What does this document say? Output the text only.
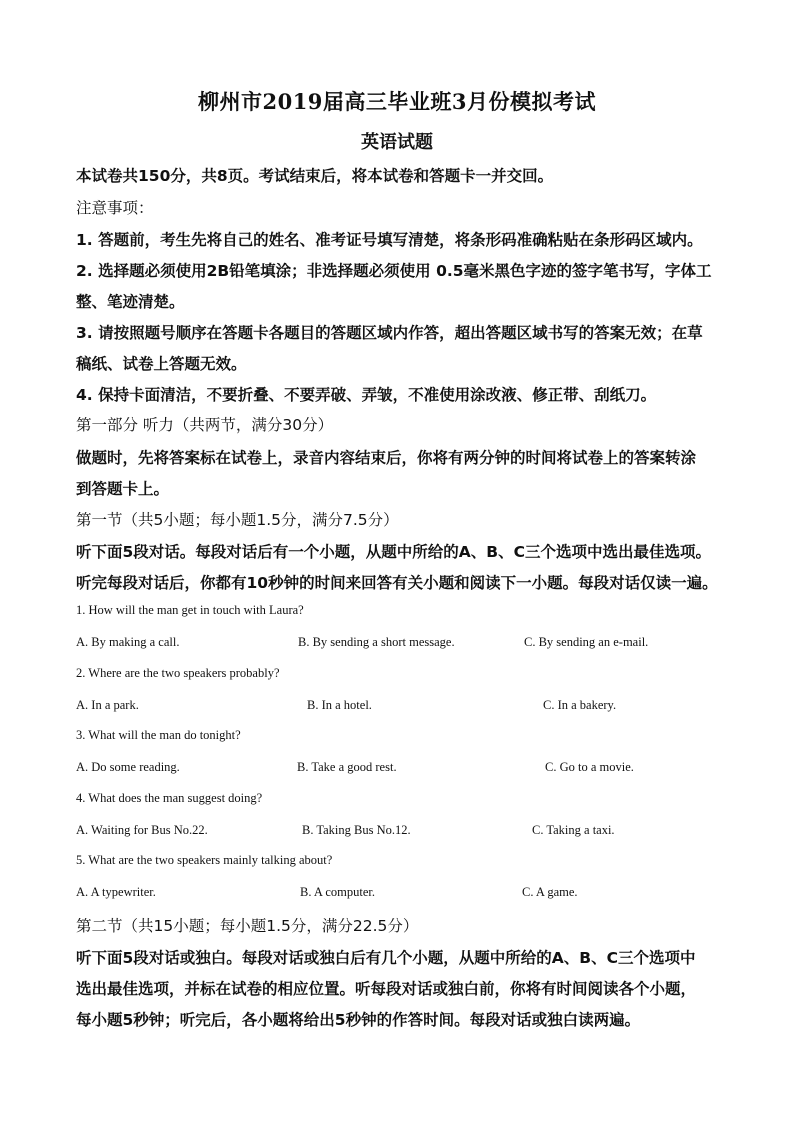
柳州市2019届高三毕业班3月份模拟考试
英语试题
本试卷共150分，共8页。考试结束后，将本试卷和答题卡一并交回。
注意事项：
1. 答题前，考生先将自己的姓名、准考证号填写清楚，将条形码准确粘贴在条形码区域内。
2. 选择题必须使用2B铅笔填涂；非选择题必须使用 0.5毫米黑色字迹的签字笔书写，字体工
整、笔迹清楚。
3. 请按照题号顺序在答题卡各题目的答题区域内作答，超出答题区域书写的答案无效；在草
稿纸、试卷上答题无效。
4. 保持卡面清洁，不要折叠、不要弄破、弄皱，不准使用涂改液、修正带、刮纸刀。
第一部分 听力（共两节，满分30分）
做题时，先将答案标在试卷上，录音内容结束后，你将有两分钟的时间将试卷上的答案转涂
到答题卡上。
第一节（共5小题；每小题1.5分，满分7.5分）
听下面5段对话。每段对话后有一个小题，从题中所给的A、B、C三个选项中选出最佳选项。
听完每段对话后，你都有10秒钟的时间来回答有关小题和阅读下一小题。每段对话仅读一遍。
1. How will the man get in touch with Laura?
A. By making a call.	B. By sending a short message.	C. By sending an e-mail.
2. Where are the two speakers probably?
A. In a park.	B. In a hotel.	C. In a bakery.
3. What will the man do tonight?
A. Do some reading.	B. Take a good rest.	C. Go to a movie.
4. What does the man suggest doing?
A. Waiting for Bus No.22.	B. Taking Bus No.12.	C. Taking a taxi.
5. What are the two speakers mainly talking about?
A. A typewriter.	B. A computer.	C. A game.
第二节（共15小题；每小题1.5分，满分22.5分）
听下面5段对话或独白。每段对话或独白后有几个小题，从题中所给的A、B、C三个选项中
选出最佳选项，并标在试卷的相应位置。听每段对话或独白前，你将有时间阅读各个小题，
每小题5秒钟；听完后，各小题将给出5秒钟的作答时间。每段对话或独白读两遍。
